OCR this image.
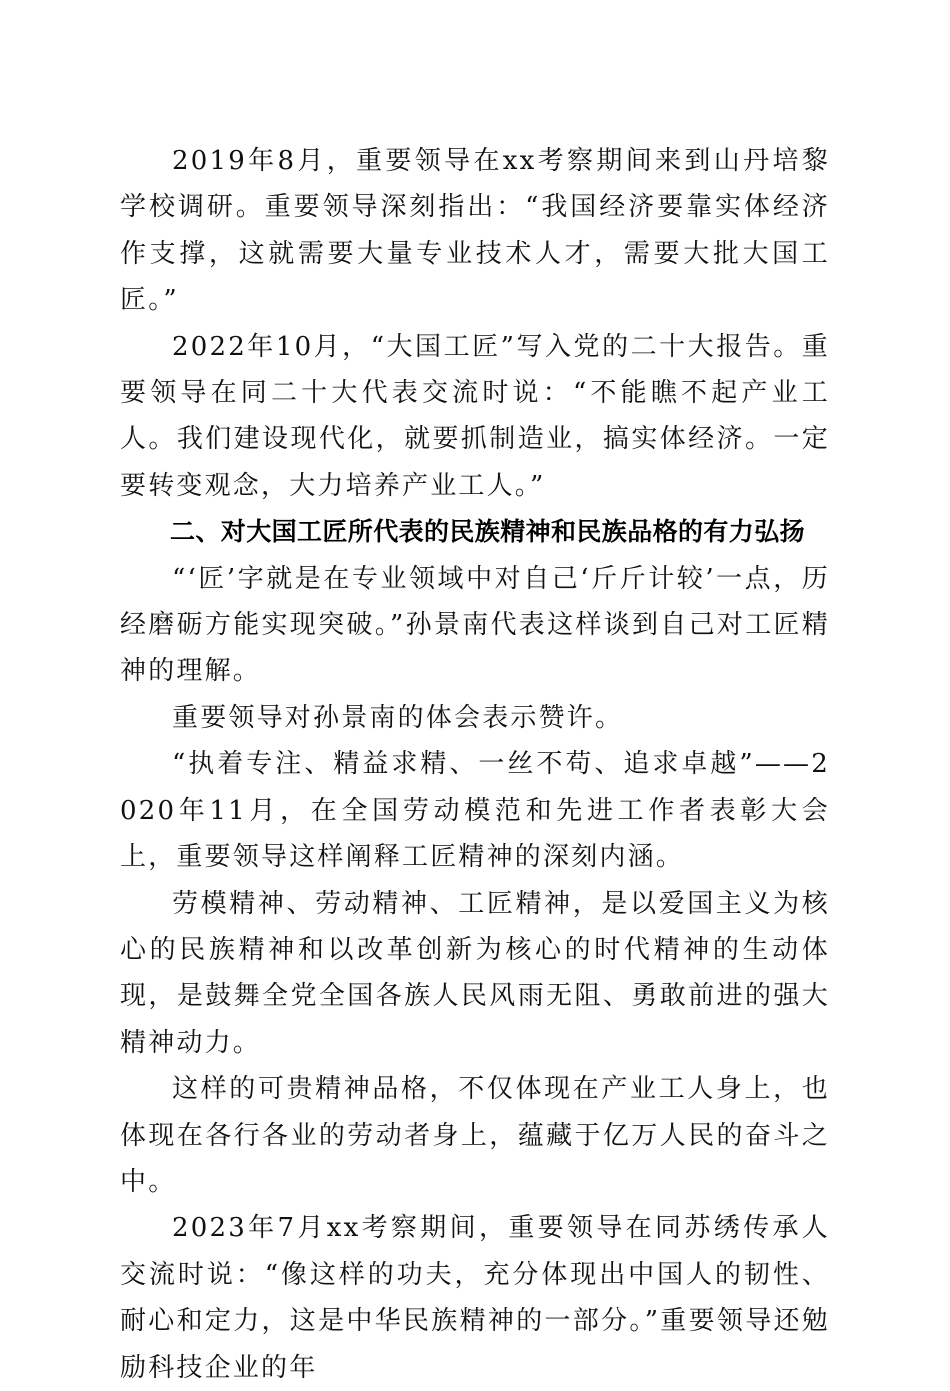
2019年8月，重要领导在xx考察期间来到山丹培黎学校调研。重要领导深刻指出：“我国经济要靠实体经济作支撑，这就需要大量专业技术人才，需要大批大国工匠。”

2022年10月，“大国工匠”写入党的二十大报告。重要领导在同二十大代表交流时说：“不能瞧不起产业工人。我们建设现代化，就要抓制造业，搞实体经济。一定要转变观念，大力培养产业工人。”

二、对大国工匠所代表的民族精神和民族品格的有力弘扬

“‘匠’字就是在专业领域中对自己‘斤斤计较’一点，历经磨砺方能实现突破。”孙景南代表这样谈到自己对工匠精神的理解。

重要领导对孙景南的体会表示赞许。

“执着专注、精益求精、一丝不苟、追求卓越”——2020年11月，在全国劳动模范和先进工作者表彰大会上，重要领导这样阐释工匠精神的深刻内涵。

劳模精神、劳动精神、工匠精神，是以爱国主义为核心的民族精神和以改革创新为核心的时代精神的生动体现，是鼓舞全党全国各族人民风雨无阻、勇敢前进的强大精神动力。

这样的可贵精神品格，不仅体现在产业工人身上，也体现在各行各业的劳动者身上，蕴藏于亿万人民的奋斗之中。

2023年7月xx考察期间，重要领导在同苏绣传承人交流时说：“像这样的功夫，充分体现出中国人的韧性、耐心和定力，这是中华民族精神的一部分。”重要领导还勉励科技企业的年
